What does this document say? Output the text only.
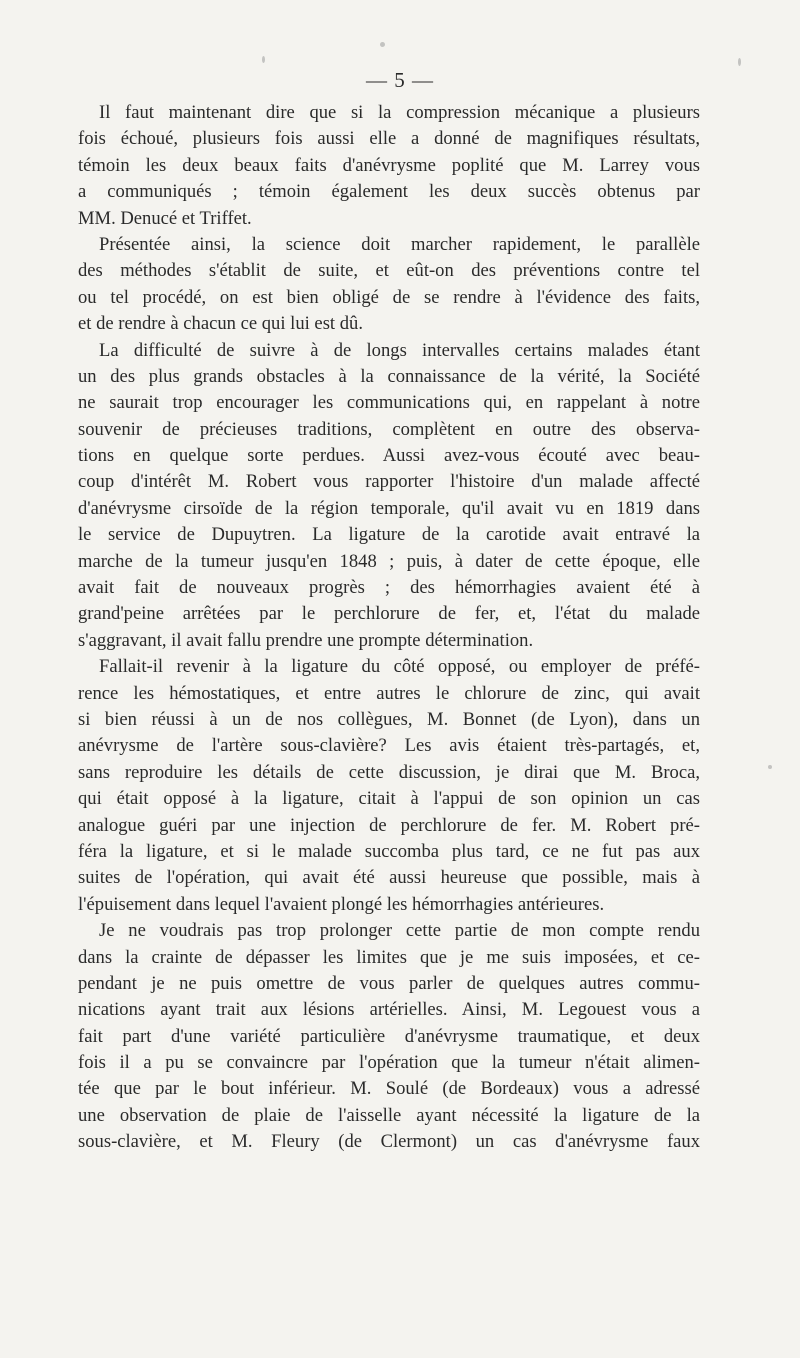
— 5 —
Il faut maintenant dire que si la compression mécanique a plusieurs
fois échoué, plusieurs fois aussi elle a donné de magnifiques résultats,
témoin les deux beaux faits d'anévrysme poplité que M. Larrey vous
a communiqués ; témoin également les deux succès obtenus par
MM. Denucé et Triffet.
Présentée ainsi, la science doit marcher rapidement, le parallèle
des méthodes s'établit de suite, et eût-on des préventions contre tel
ou tel procédé, on est bien obligé de se rendre à l'évidence des faits,
et de rendre à chacun ce qui lui est dû.
La difficulté de suivre à de longs intervalles certains malades étant
un des plus grands obstacles à la connaissance de la vérité, la Société
ne saurait trop encourager les communications qui, en rappelant à notre
souvenir de précieuses traditions, complètent en outre des observa-
tions en quelque sorte perdues. Aussi avez-vous écouté avec beau-
coup d'intérêt M. Robert vous rapporter l'histoire d'un malade affecté
d'anévrysme cirsoïde de la région temporale, qu'il avait vu en 1819 dans
le service de Dupuytren. La ligature de la carotide avait entravé la
marche de la tumeur jusqu'en 1848 ; puis, à dater de cette époque, elle
avait fait de nouveaux progrès ; des hémorrhagies avaient été à
grand'peine arrêtées par le perchlorure de fer, et, l'état du malade
s'aggravant, il avait fallu prendre une prompte détermination.
Fallait-il revenir à la ligature du côté opposé, ou employer de préfé-
rence les hémostatiques, et entre autres le chlorure de zinc, qui avait
si bien réussi à un de nos collègues, M. Bonnet (de Lyon), dans un
anévrysme de l'artère sous-clavière? Les avis étaient très-partagés, et,
sans reproduire les détails de cette discussion, je dirai que M. Broca,
qui était opposé à la ligature, citait à l'appui de son opinion un cas
analogue guéri par une injection de perchlorure de fer. M. Robert pré-
féra la ligature, et si le malade succomba plus tard, ce ne fut pas aux
suites de l'opération, qui avait été aussi heureuse que possible, mais à
l'épuisement dans lequel l'avaient plongé les hémorrhagies antérieures.
Je ne voudrais pas trop prolonger cette partie de mon compte rendu
dans la crainte de dépasser les limites que je me suis imposées, et ce-
pendant je ne puis omettre de vous parler de quelques autres commu-
nications ayant trait aux lésions artérielles. Ainsi, M. Legouest vous a
fait part d'une variété particulière d'anévrysme traumatique, et deux
fois il a pu se convaincre par l'opération que la tumeur n'était alimen-
tée que par le bout inférieur. M. Soulé (de Bordeaux) vous a adressé
une observation de plaie de l'aisselle ayant nécessité la ligature de la
sous-clavière, et M. Fleury (de Clermont) un cas d'anévrysme faux
